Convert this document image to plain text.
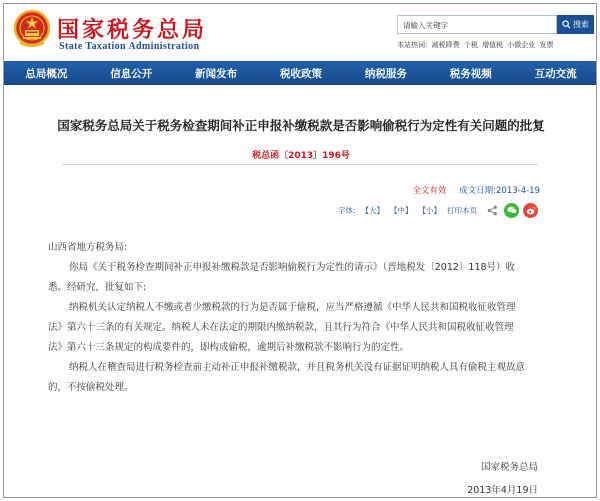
国家税务总局
State Taxation Administration
请输入关键字	搜索
本站热词: 减税降费 个税 增值税 小微企业 发票
总局概况	信息公开	新闻发布	税收政策	纳税服务	税务视频	互动交流
国家税务总局关于税务检查期间补正申报补缴税款是否影响偷税行为定性有关问题的批复
税总函〔2013〕196号
全文有效 成文日期:2013-4-19
字体: 【大】 【中】 【小】 打印本页

山西省地方税务局:

你局《关于税务检查期间补正申报补缴税款是否影响偷税行为定性的请示》（晋地税发〔2012〕118号）收

悉。经研究，批复如下:

纳税机关认定纳税人不缴或者少缴税款的行为是否属于偷税，应当严格遵循《中华人民共和国税收征收管理

法》第六十三条的有关规定。纳税人未在法定的期限内缴纳税款，且其行为符合《中华人民共和国税收征收管理

法》第六十三条规定的构成要件的，即构成偷税，逾期后补缴税款不影响行为的定性。

纳税人在稽查局进行税务检查前主动补正申报补缴税款，并且税务机关没有证据证明纳税人具有偷税主观故意

的，不按偷税处理。

国家税务总局
2013年4月19日
